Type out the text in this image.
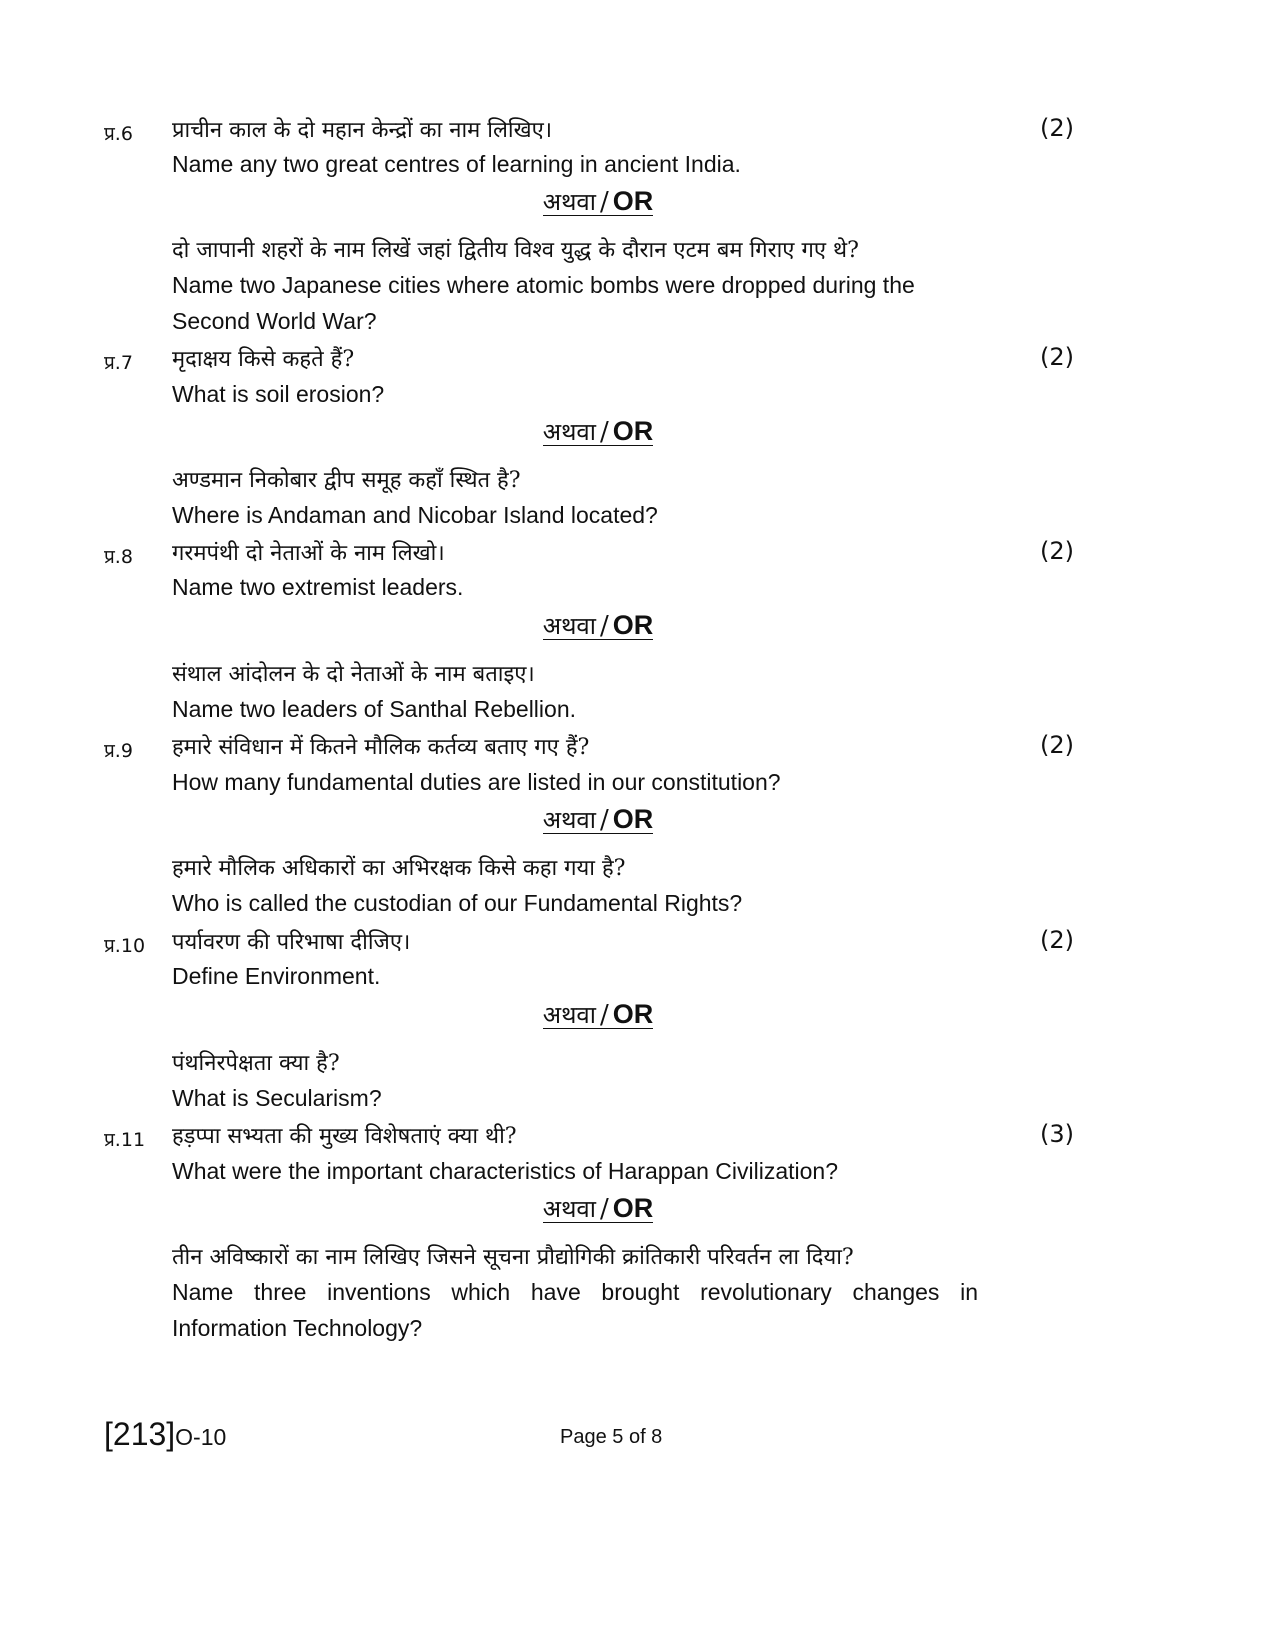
प्र.6 प्राचीन काल के दो महान केन्द्रों का नाम लिखिए।	(2)
Name any two great centres of learning in ancient India.
अथवा / OR
दो जापानी शहरों के नाम लिखें जहां द्वितीय विश्व युद्ध के दौरान एटम बम गिराए गए थे?
Name two Japanese cities where atomic bombs were dropped during the
Second World War?
प्र.7 मृदाक्षय किसे कहते हैं?	(2)
What is soil erosion?
अथवा / OR
अण्डमान निकोबार द्वीप समूह कहाँ स्थित है?
Where is Andaman and Nicobar Island located?
प्र.8 गरमपंथी दो नेताओं के नाम लिखो।	(2)
Name two extremist leaders.
अथवा / OR
संथाल आंदोलन के दो नेताओं के नाम बताइए।
Name two leaders of Santhal Rebellion.
प्र.9 हमारे संविधान में कितने मौलिक कर्तव्य बताए गए हैं?	(2)
How many fundamental duties are listed in our constitution?
अथवा / OR
हमारे मौलिक अधिकारों का अभिरक्षक किसे कहा गया है?
Who is called the custodian of our Fundamental Rights?
प्र.10 पर्यावरण की परिभाषा दीजिए।	(2)
Define Environment.
अथवा / OR
पंथनिरपेक्षता क्या है?
What is Secularism?
प्र.11 हड़प्पा सभ्यता की मुख्य विशेषताएं क्या थी?	(3)
What were the important characteristics of Harappan Civilization?
अथवा / OR
तीन अविष्कारों का नाम लिखिए जिसने सूचना प्रौद्योगिकी क्रांतिकारी परिवर्तन ला दिया?
Name three inventions which have brought revolutionary changes in
Information Technology?
[213]O-10	Page 5 of 8
